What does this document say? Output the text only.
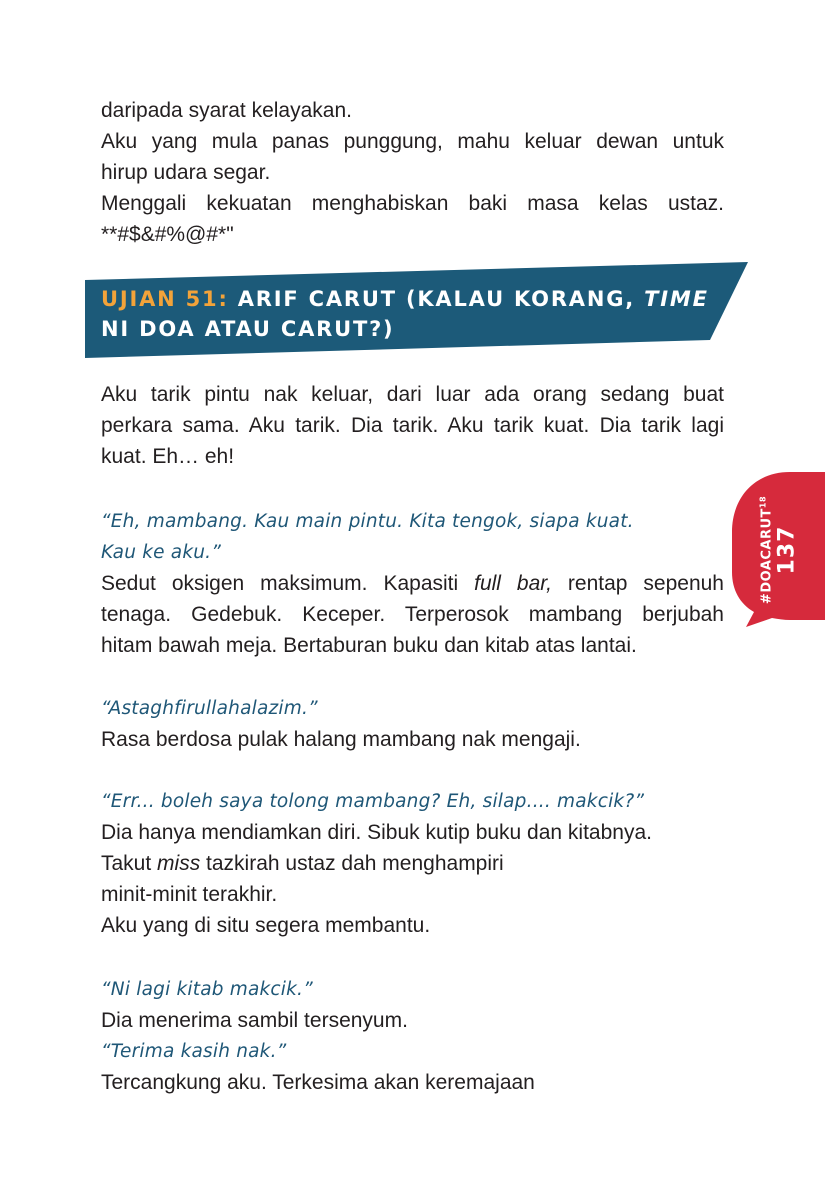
daripada syarat kelayakan.
Aku yang mula panas punggung, mahu keluar dewan untuk
hirup udara segar.
Menggali kekuatan menghabiskan baki masa kelas ustaz.
**#$&#%@#*"
UJIAN 51: ARIF CARUT (KALAU KORANG, TIME NI DOA ATAU CARUT?)
Aku tarik pintu nak keluar, dari luar ada orang sedang buat
perkara sama. Aku tarik. Dia tarik. Aku tarik kuat. Dia tarik lagi
kuat. Eh… eh!
“Eh, mambang. Kau main pintu. Kita tengok, siapa kuat.
Kau ke aku.”
Sedut oksigen maksimum. Kapasiti full bar, rentap sepenuh
tenaga. Gedebuk. Keceper. Terperosok mambang berjubah
hitam bawah meja. Bertaburan buku dan kitab atas lantai.
“Astaghfirullahalazim.”
Rasa berdosa pulak halang mambang nak mengaji.
“Err... boleh saya tolong mambang? Eh, silap.... makcik?”
Dia hanya mendiamkan diri. Sibuk kutip buku dan kitabnya.
Takut miss tazkirah ustaz dah menghampiri
minit-minit terakhir.
Aku yang di situ segera membantu.
“Ni lagi kitab makcik.”
Dia menerima sambil tersenyum.
“Terima kasih nak.”
Tercangkung aku. Terkesima akan keremajaan
#DOACARUT$^{18}$
137
